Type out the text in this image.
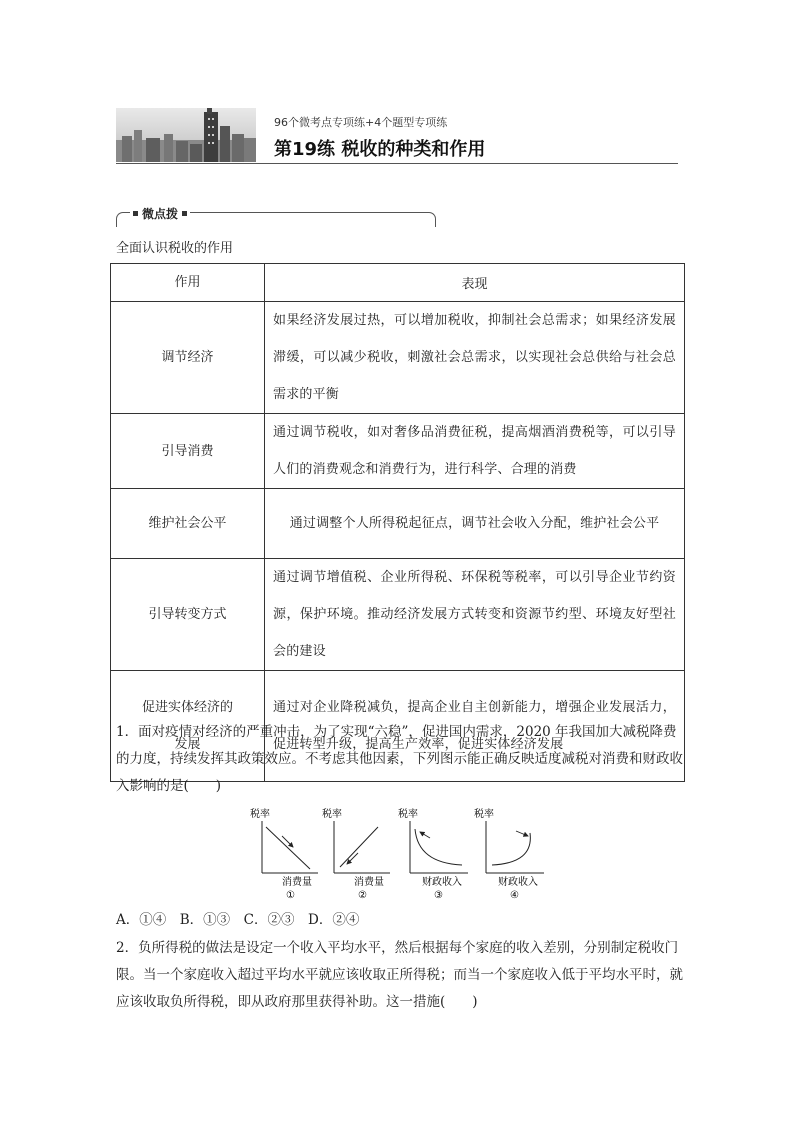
96个微考点专项练+4个题型专项练
第19练 税收的种类和作用
微点拨
全面认识税收的作用
作用	表现
调节经济	如果经济发展过热，可以增加税收，抑制社会总需求；如果经济发展滞缓，可以减少税收，刺激社会总需求，以实现社会总供给与社会总需求的平衡
引导消费	通过调节税收，如对奢侈品消费征税，提高烟酒消费税等，可以引导人们的消费观念和消费行为，进行科学、合理的消费
维护社会公平	通过调整个人所得税起征点，调节社会收入分配，维护社会公平
引导转变方式	通过调节增值税、企业所得税、环保税等税率，可以引导企业节约资源，保护环境。推动经济发展方式转变和资源节约型、环境友好型社会的建设
促进实体经济的发展	通过对企业降税减负，提高企业自主创新能力，增强企业发展活力，促进转型升级，提高生产效率，促进实体经济发展
1．面对疫情对经济的严重冲击，为了实现“六稳”，促进国内需求，2020 年我国加大减税降费的力度，持续发挥其政策效应。不考虑其他因素，下列图示能正确反映适度减税对消费和财政收入影响的是(　　)
税率
消费量
①
税率
消费量
②
税率
财政收入
③
税率
财政收入
④
A．①④　B．①③　C．②③　D．②④
2．负所得税的做法是设定一个收入平均水平，然后根据每个家庭的收入差别，分别制定税收门限。当一个家庭收入超过平均水平就应该收取正所得税；而当一个家庭收入低于平均水平时，就应该收取负所得税，即从政府那里获得补助。这一措施(　　)
